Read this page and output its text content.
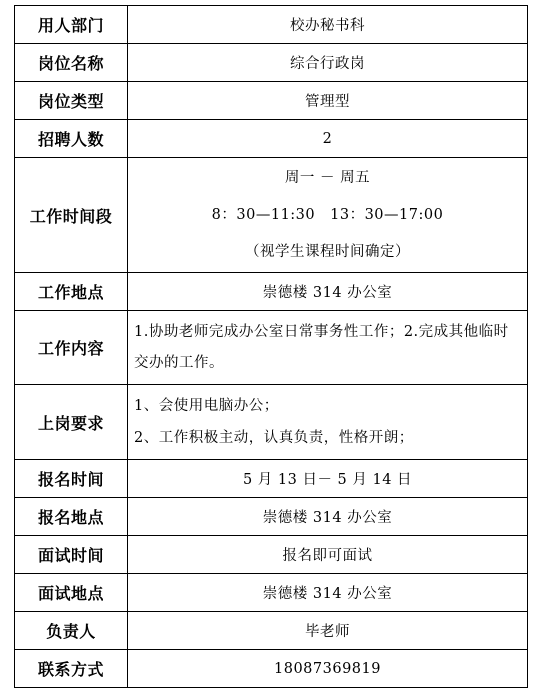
用人部门	校办秘书科
岗位名称	综合行政岗
岗位类型	管理型
招聘人数	2
工作时间段	周一 － 周五
8：30—11:30　13：30—17:00
（视学生课程时间确定）

工作地点	崇德楼 314 办公室
工作内容	1.协助老师完成办公室日常事务性工作；2.完成其他临时交办的工作。
上岗要求	1、会使用电脑办公；
2、工作积极主动，认真负责，性格开朗；

报名时间	5 月 13 日－ 5 月 14 日
报名地点	崇德楼 314 办公室
面试时间	报名即可面试
面试地点	崇德楼 314 办公室
负责人	毕老师
联系方式	18087369819
